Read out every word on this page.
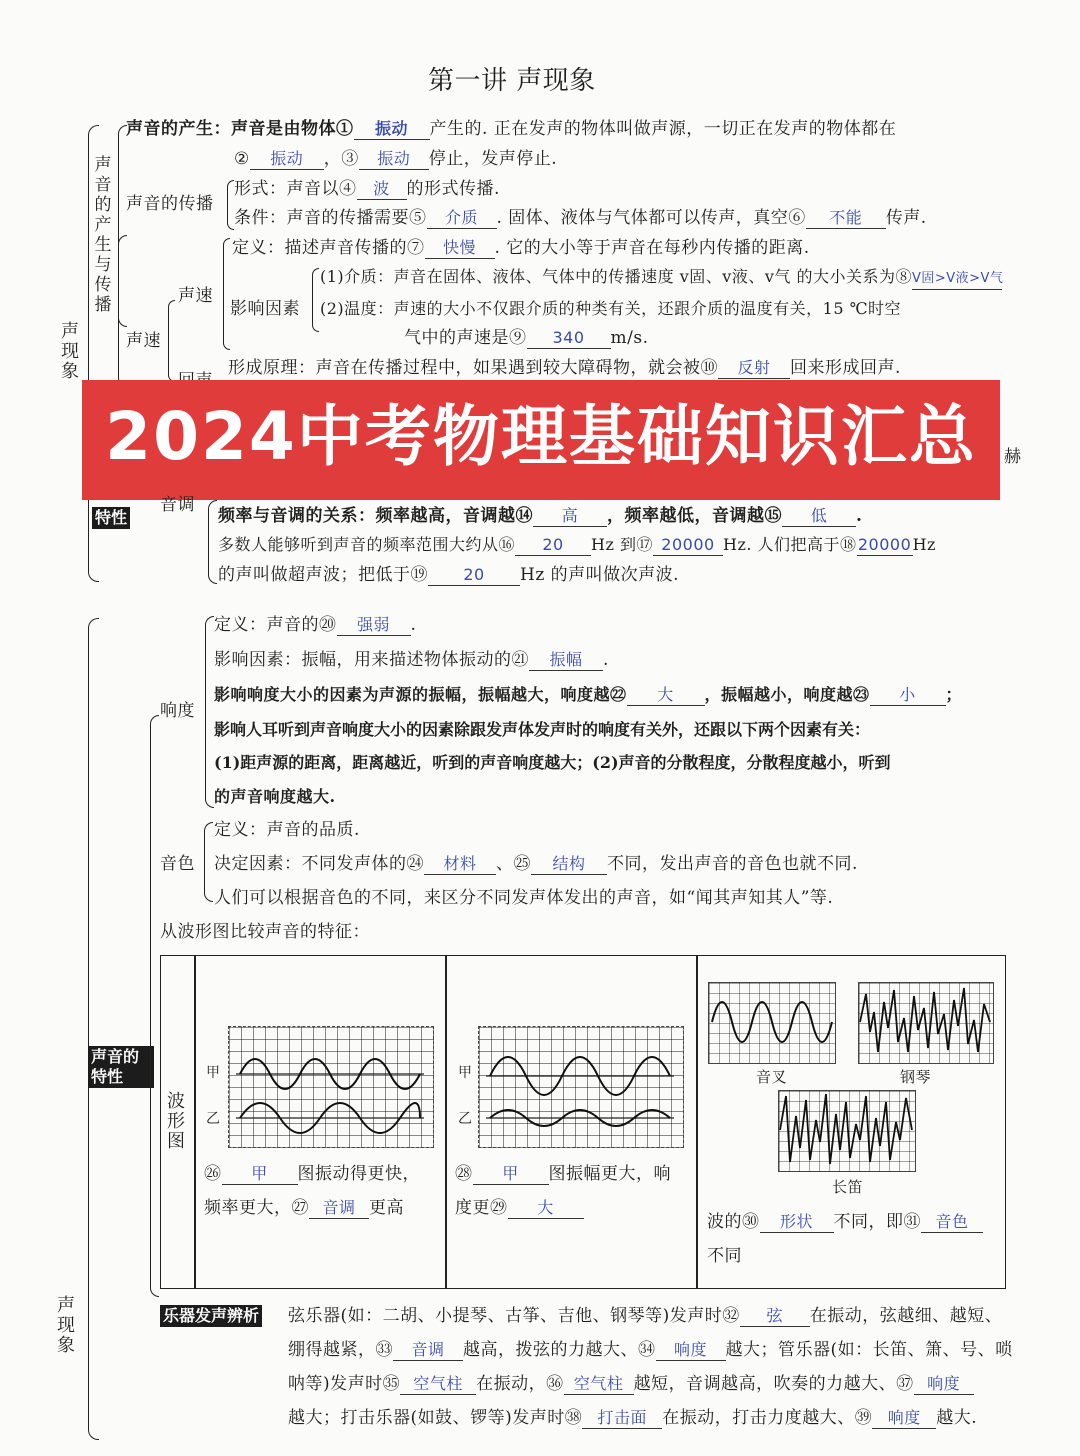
第一讲 声现象
声现象
声音的产生与传播
声音的产生：声音是由物体① 振动 产生的. 正在发声的物体叫做声源，一切正在发声的物体都在
② 振动 ，③ 振动 停止，发声停止.
声音的传播
形式：声音以④ 波 的形式传播.
条件：声音的传播需要⑤ 介质 . 固体、液体与气体都可以传声，真空⑥ 不能 传声.
声速
声速
定义：描述声音传播的⑦ 快慢 . 它的大小等于声音在每秒内传播的距离.
影响因素
(1)介质：声音在固体、液体、气体中的传播速度 v固、v液、v气 的大小关系为⑧V固>V液>V气
(2)温度：声速的大小不仅跟介质的种类有关，还跟介质的温度有关，15 ℃时空
气中的声速是⑨ 340 m/s.
形成原理：声音在传播过程中，如果遇到较大障碍物，就会被⑩ 反射 回来形成回声.
2024中考物理基础知识汇总	赫
特性
音调
频率与音调的关系：频率越高，音调越⑭ 高 ，频率越低，音调越⑮ 低 .
多数人能够听到声音的频率范围大约从⑯ 20 Hz 到⑰ 20000 Hz. 人们把高于⑱20000Hz
的声叫做超声波；把低于⑲ 20 Hz 的声叫做次声波.
声现象
声音的特性
响度
定义：声音的⑳ 强弱 .
影响因素：振幅，用来描述物体振动的㉑ 振幅 .
影响响度大小的因素为声源的振幅，振幅越大，响度越㉒ 大 ，振幅越小，响度越㉓ 小 ；
影响人耳听到声音响度大小的因素除跟发声体发声时的响度有关外，还跟以下两个因素有关：
(1)距声源的距离，距离越近，听到的声音响度越大；(2)声音的分散程度，分散程度越小，听到
的声音响度越大.
音色
定义：声音的品质.
决定因素：不同发声体的㉔ 材料 、㉕ 结构 不同，发出声音的音色也就不同.
人们可以根据音色的不同，来区分不同发声体发出的声音，如“闻其声知其人”等.
从波形图比较声音的特征：
波形图
甲
乙
㉖ 甲 图振动得更快，
频率更大，㉗ 音调 更高
甲
乙
㉘ 甲 图振幅更大，响
度更㉙ 大
音叉	钢琴
长笛
波的㉚ 形状 不同，即㉛ 音色
不同
乐器发声辨析 弦乐器(如：二胡、小提琴、古筝、吉他、钢琴等)发声时㉜ 弦 在振动，弦越细、越短、
绷得越紧，㉝ 音调 越高，拨弦的力越大、㉞ 响度 越大；管乐器(如：长笛、箫、号、唢
呐等)发声时㉟ 空气柱 在振动，㊱ 空气柱 越短，音调越高，吹奏的力越大、㊲ 响度
越大；打击乐器(如鼓、锣等)发声时㊳ 打击面 在振动，打击力度越大、㊴ 响度 越大.
